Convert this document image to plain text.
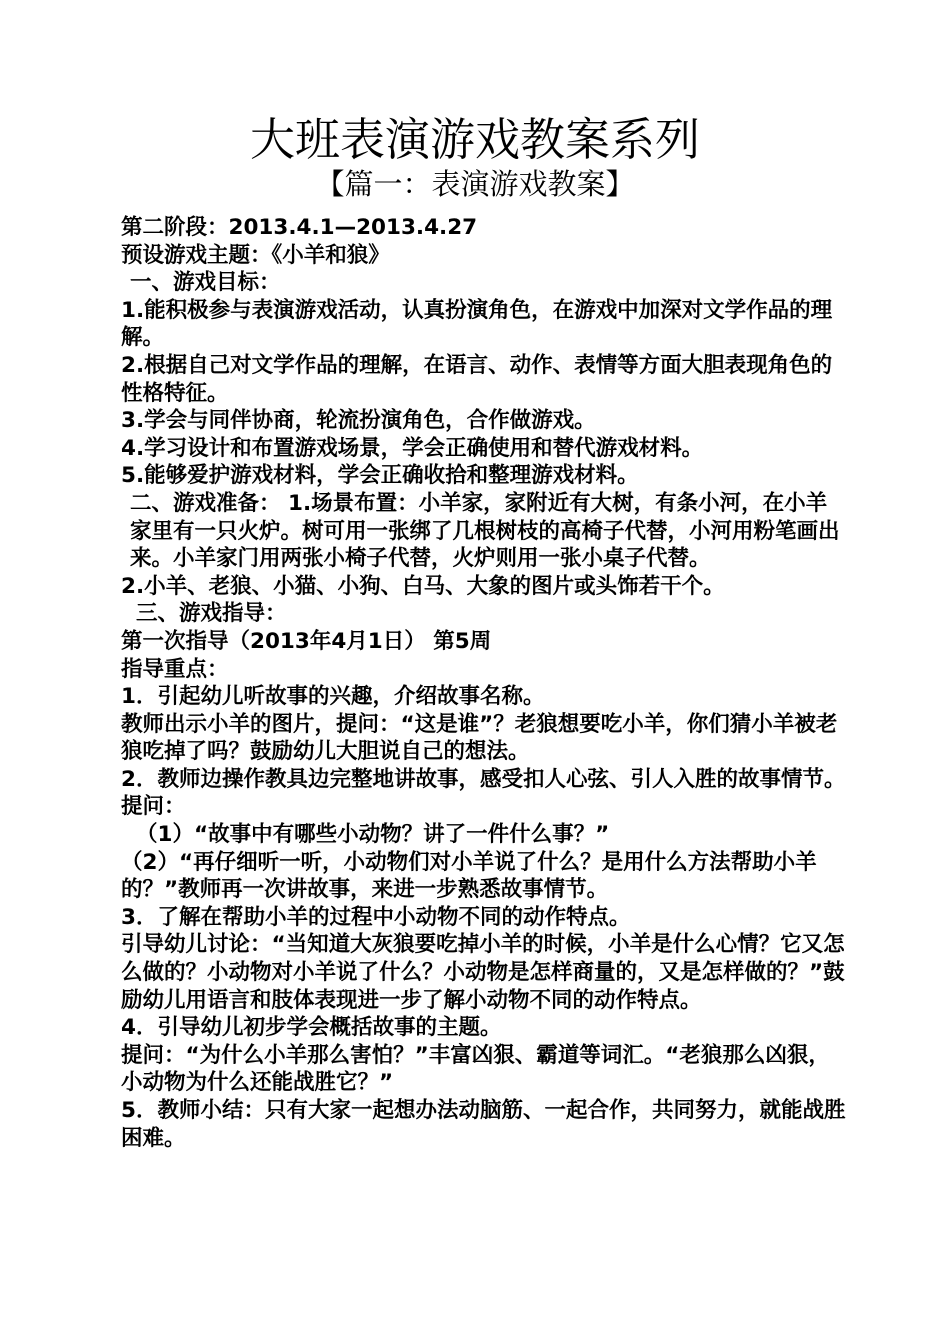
大班表演游戏教案系列
【篇一：表演游戏教案】

第二阶段：2013.4.1—2013.4.27

预设游戏主题：《小羊和狼》

一、游戏目标：

1.能积极参与表演游戏活动，认真扮演角色，在游戏中加深对文学作品的理解。

2.根据自己对文学作品的理解，在语言、动作、表情等方面大胆表现角色的性格特征。

3.学会与同伴协商，轮流扮演角色，合作做游戏。

4.学习设计和布置游戏场景，学会正确使用和替代游戏材料。

5.能够爱护游戏材料，学会正确收拾和整理游戏材料。

二、游戏准备： 1.场景布置：小羊家，家附近有大树，有条小河，在小羊家里有一只火炉。树可用一张绑了几根树枝的高椅子代替，小河用粉笔画出来。小羊家门用两张小椅子代替，火炉则用一张小桌子代替。

2.小羊、老狼、小猫、小狗、白马、大象的图片或头饰若干个。

三、游戏指导：

第一次指导（2013年4月1日） 第5周

指导重点：

1．引起幼儿听故事的兴趣，介绍故事名称。

教师出示小羊的图片，提问：“这是谁”？老狼想要吃小羊，你们猜小羊被老狼吃掉了吗？鼓励幼儿大胆说自己的想法。

2．教师边操作教具边完整地讲故事，感受扣人心弦、引人入胜的故事情节。 提问：

（1）“故事中有哪些小动物？讲了一件什么事？”

（2）“再仔细听一听，小动物们对小羊说了什么？是用什么方法帮助小羊的？”教师再一次讲故事，来进一步熟悉故事情节。

3．了解在帮助小羊的过程中小动物不同的动作特点。

引导幼儿讨论：“当知道大灰狼要吃掉小羊的时候，小羊是什么心情？它又怎么做的？小动物对小羊说了什么？小动物是怎样商量的，又是怎样做的？”鼓励幼儿用语言和肢体表现进一步了解小动物不同的动作特点。

4．引导幼儿初步学会概括故事的主题。

提问：“为什么小羊那么害怕？”丰富凶狠、霸道等词汇。“老狼那么凶狠，小动物为什么还能战胜它？”

5．教师小结：只有大家一起想办法动脑筋、一起合作，共同努力，就能战胜困难。
